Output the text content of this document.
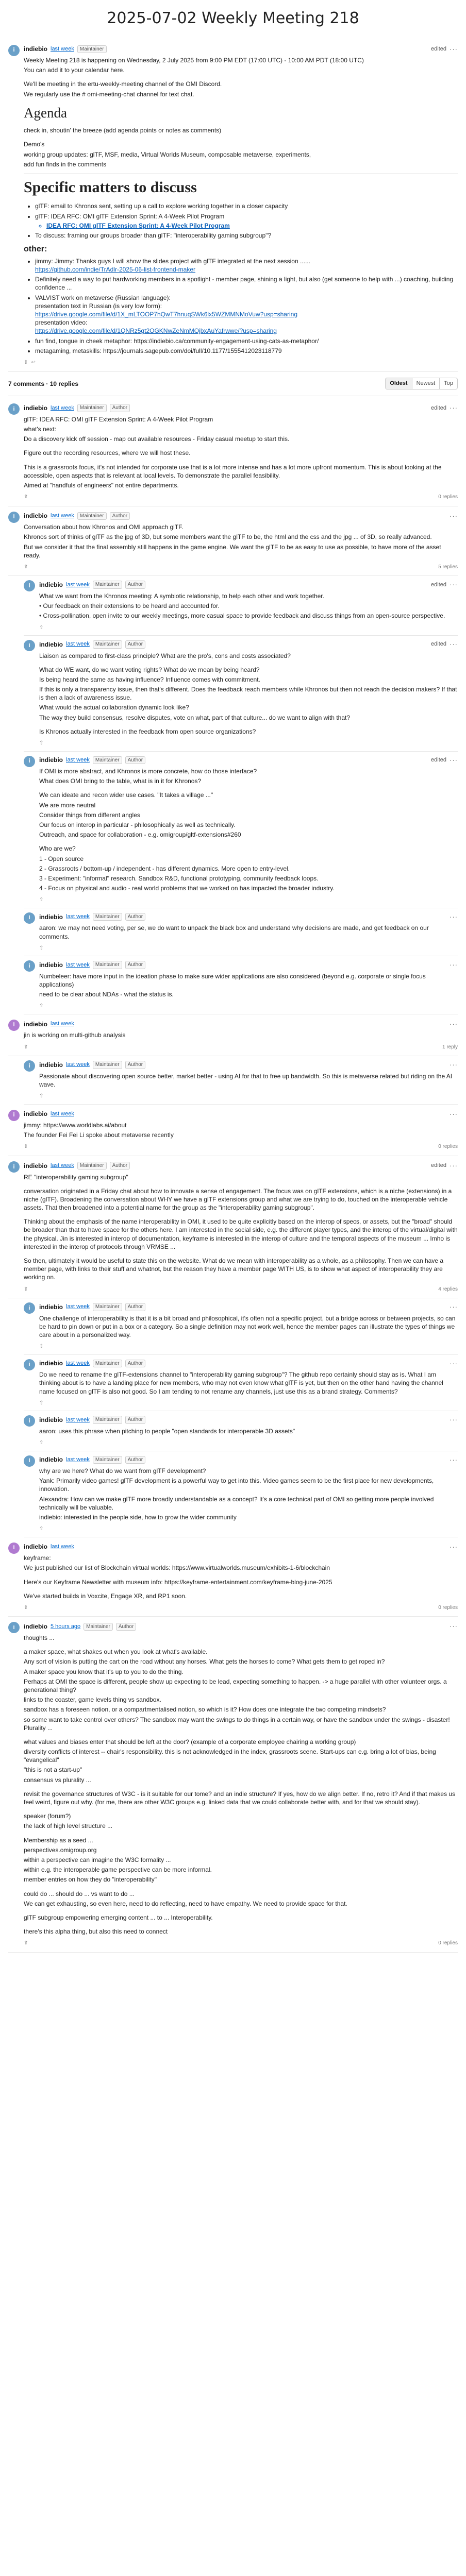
2025-07-02 Weekly Meeting 218
i	indiebio last week	Maintainer	edited ···

Weekly Meeting 218 is happening on Wednesday, 2 July 2025 from 9:00 PM EDT (17:00 UTC) - 10:00 AM PDT (18:00 UTC)

You can add it to your calendar here.

We'll be meeting in the ertu-weekly-meeting channel of the OMI Discord.

We regularly use the # omi-meeting-chat channel for text chat.

Agenda

check in, shoutin' the breeze (add agenda points or notes as comments)

Demo's

working group updates: glTF, MSF, media, Virtual Worlds Museum, composable metaverse, experiments,

add fun finds in the comments

Specific matters to discuss
• glTF: email to Khronos sent, setting up a call to explore working together in a closer capacity
• glTF: IDEA RFC: OMI glTF Extension Sprint: A 4-Week Pilot Program
◦ IDEA RFC: OMI glTF Extension Sprint: A 4-Week Pilot Program
• To discuss: framing our groups broader than glTF: "interoperability gaming subgroup"?
other:
• jimmy: Jimmy: Thanks guys I will show the slides project with glTF integrated at the next session ......
https://github.com/indie/TrAdlr-2025-06-list-frontend-maker
• Definitely need a way to put hardworking members in a spotlight - member page, shining a light, but also (get someone to help with ...) coaching, building confidence ...
• VALVIST work on metaverse (Russian language):
presentation text in Russian (is very low form):
https://drive.google.com/file/d/1X_mLTOOP7hQwT7hnuqSWk6lx5WZMMNMoVuw?usp=sharing
presentation video:
https://drive.google.com/file/d/1QNRz5gt2OGKNwZeNmMOjbxAuYafrwwe/?usp=sharing
• fun find, tongue in cheek metaphor: https://indiebio.ca/community-engagement-using-cats-as-metaphor/
• metagaming, metaskills: https://journals.sagepub.com/doi/full/10.1177/1555412023118779
⇧ ↩
7 comments · 10 replies	Oldest	Newest	Top
i	indiebio last week	Maintainer	Author	edited ···

glTF: IDEA RFC: OMI glTF Extension Sprint: A 4-Week Pilot Program

what's next:

Do a discovery kick off session - map out available resources - Friday casual meetup to start this.

Figure out the recording resources, where we will host these.

This is a grassroots focus, it's not intended for corporate use that is a lot more intense and has a lot more upfront momentum. This is about looking at the accessible, open aspects that is relevant at local levels. To demonstrate the parallel feasibility.

Aimed at "handfuls of engineers" not entire departments.

⇧	0 replies
i	indiebio last week	Maintainer	Author	···

Conversation about how Khronos and OMI approach glTF.

Khronos sort of thinks of glTF as the jpg of 3D, but some members want the glTF to be, the html and the css and the jpg ... of 3D, so really advanced.

But we consider it that the final assembly still happens in the game engine. We want the glTF to be as easy to use as possible, to have more of the asset ready.

⇧	5 replies
i	indiebio last week	Maintainer	Author	edited ···

What we want from the Khronos meeting: A symbiotic relationship, to help each other and work together.

• Our feedback on their extensions to be heard and accounted for.

• Cross-pollination, open invite to our weekly meetings, more casual space to provide feedback and discuss things from an open-source perspective.

⇧
i	indiebio last week	Maintainer	Author	edited ···

Liaison as compared to first-class principle? What are the pro's, cons and costs associated?

What do WE want, do we want voting rights? What do we mean by being heard?

Is being heard the same as having influence? Influence comes with commitment.

If this is only a transparency issue, then that's different. Does the feedback reach members while Khronos but then not reach the decision makers? If that is then a lack of awareness issue.

What would the actual collaboration dynamic look like?

The way they build consensus, resolve disputes, vote on what, part of that culture... do we want to align with that?

Is Khronos actually interested in the feedback from open source organizations?

⇧
i	indiebio last week	Maintainer	Author	edited ···

If OMI is more abstract, and Khronos is more concrete, how do those interface?

What does OMI bring to the table, what is in it for Khronos?

We can ideate and recon wider use cases. "It takes a village ..."

We are more neutral

Consider things from different angles

Our focus on interop in particular - philosophically as well as technically.

Outreach, and space for collaboration - e.g. omigroup/gltf-extensions#260

Who are we?

1 - Open source

2 - Grassroots / bottom-up / independent - has different dynamics. More open to entry-level.

3 - Experiment: "informal" research. Sandbox R&D, functional prototyping, community feedback loops.

4 - Focus on physical and audio - real world problems that we worked on has impacted the broader industry.

⇧
i	indiebio last week	Maintainer	Author	···

aaron: we may not need voting, per se, we do want to unpack the black box and understand why decisions are made, and get feedback on our comments.

⇧
i	indiebio last week	Maintainer	Author	···

Numbeleer: have more input in the ideation phase to make sure wider applications are also considered (beyond e.g. corporate or single focus applications)

need to be clear about NDAs - what the status is.

⇧
i	indiebio last week	···

jin is working on multi-github analysis

⇧	1 reply
i	indiebio last week	Maintainer	Author	···

Passionate about discovering open source better, market better - using AI for that to free up bandwidth. So this is metaverse related but riding on the AI wave.

⇧
i	indiebio last week	···

jimmy: https://www.worldlabs.ai/about

The founder Fei Fei Li spoke about metaverse recently

⇧	0 replies
i	indiebio last week	Maintainer	Author	edited ···

RE "interoperability gaming subgroup"

conversation originated in a Friday chat about how to innovate a sense of engagement. The focus was on glTF extensions, which is a niche (extensions) in a niche (glTF). Broadening the conversation about WHY we have a glTF extensions group and what we are trying to do, touched on the interoperable vehicle assets. That then broadened into a potential name for the group as the "interoperability gaming subgroup".

Thinking about the emphasis of the name interoperability in OMI, it used to be quite explicitly based on the interop of specs, or assets, but the "broad" should be broader than that to have space for the others here. I am interested in the social side, e.g. the different player types, and the interop of the virtual/digital with the physical. Jin is interested in interop of documentation, keyframe is interested in the interop of culture and the temporal aspects of the museum ... Imho is interested in the interop of protocols through VRMSE ...

So then, ultimately it would be useful to state this on the website. What do we mean with interoperability as a whole, as a philosophy. Then we can have a member page, with links to their stuff and whatnot, but the reason they have a member page WITH US, is to show what aspect of interoperability they are working on.

⇧	4 replies
i	indiebio last week	Maintainer	Author	···

One challenge of interoperability is that it is a bit broad and philosophical, it's often not a specific project, but a bridge across or between projects, so can be hard to pin down or put in a box or a category. So a single definition may not work well, hence the member pages can illustrate the types of things we care about in a personalized way.

⇧
i	indiebio last week	Maintainer	Author	···

Do we need to rename the glTF-extensions channel to "interoperability gaming subgroup"? The github repo certainly should stay as is. What I am thinking about is to have a landing place for new members, who may not even know what glTF is yet, but then on the other hand having the channel name focused on glTF is also not good. So I am tending to not rename any channels, just use this as a brand strategy. Comments?

⇧
i	indiebio last week	Maintainer	Author	···

aaron: uses this phrase when pitching to people "open standards for interoperable 3D assets"

⇧
i	indiebio last week	Maintainer	Author	···

why are we here? What do we want from glTF development?

Yank: Primarily video games! glTF development is a powerful way to get into this. Video games seem to be the first place for new developments, innovation.

Alexandra: How can we make glTF more broadly understandable as a concept? It's a core technical part of OMI so getting more people involved technically will be valuable.

indiebio: interested in the people side, how to grow the wider community

⇧
i	indiebio last week	···

keyframe:

We just published our list of Blockchain virtual worlds: https://www.virtualworlds.museum/exhibits-1-6/blockchain

Here's our Keyframe Newsletter with museum info: https://keyframe-entertainment.com/keyframe-blog-june-2025

We've started builds in Voxcite, Engage XR, and RP1 soon.

⇧	0 replies
i	indiebio 5 hours ago	Maintainer	Author	···

thoughts ...

a maker space, what shakes out when you look at what's available.

Any sort of vision is putting the cart on the road without any horses. What gets the horses to come? What gets them to get roped in?

A maker space you know that it's up to you to do the thing.

Perhaps at OMI the space is different, people show up expecting to be lead, expecting something to happen. -> a huge parallel with other volunteer orgs. a generational thing?

links to the coaster, game levels thing vs sandbox.

sandbox has a foreseen notion, or a compartmentalised notion, so which is it? How does one integrate the two competing mindsets?

so some want to take control over others? The sandbox may want the swings to do things in a certain way, or have the sandbox under the swings - disaster! Plurality ...

what values and biases enter that should be left at the door? (example of a corporate employee chairing a working group)

diversity conflicts of interest -- chair's responsibility. this is not acknowledged in the index, grassroots scene. Start-ups can e.g. bring a lot of bias, being "evangelical"

"this is not a start-up"

consensus vs plurality ...

revisit the governance structures of W3C - is it suitable for our tome? and an indie structure? If yes, how do we align better. If no, retro it? And if that makes us feel weird, figure out why. (for me, there are other W3C groups e.g. linked data that we could collaborate better with, and for that we should stay).

speaker (forum?)

the lack of high level structure ...

Membership as a seed ...

perspectives.omigroup.org

within a perspective can imagine the W3C formality ...

within e.g. the interoperable game perspective can be more informal.

member entries on how they do "interoperability"

could do ... should do ... vs want to do ...

We can get exhausting, so even here, need to do reflecting, need to have empathy. We need to provide space for that.

glTF subgroup empowering emerging content ... to ... Interoperability.

there's this alpha thing, but also this need to connect

⇧	0 replies
